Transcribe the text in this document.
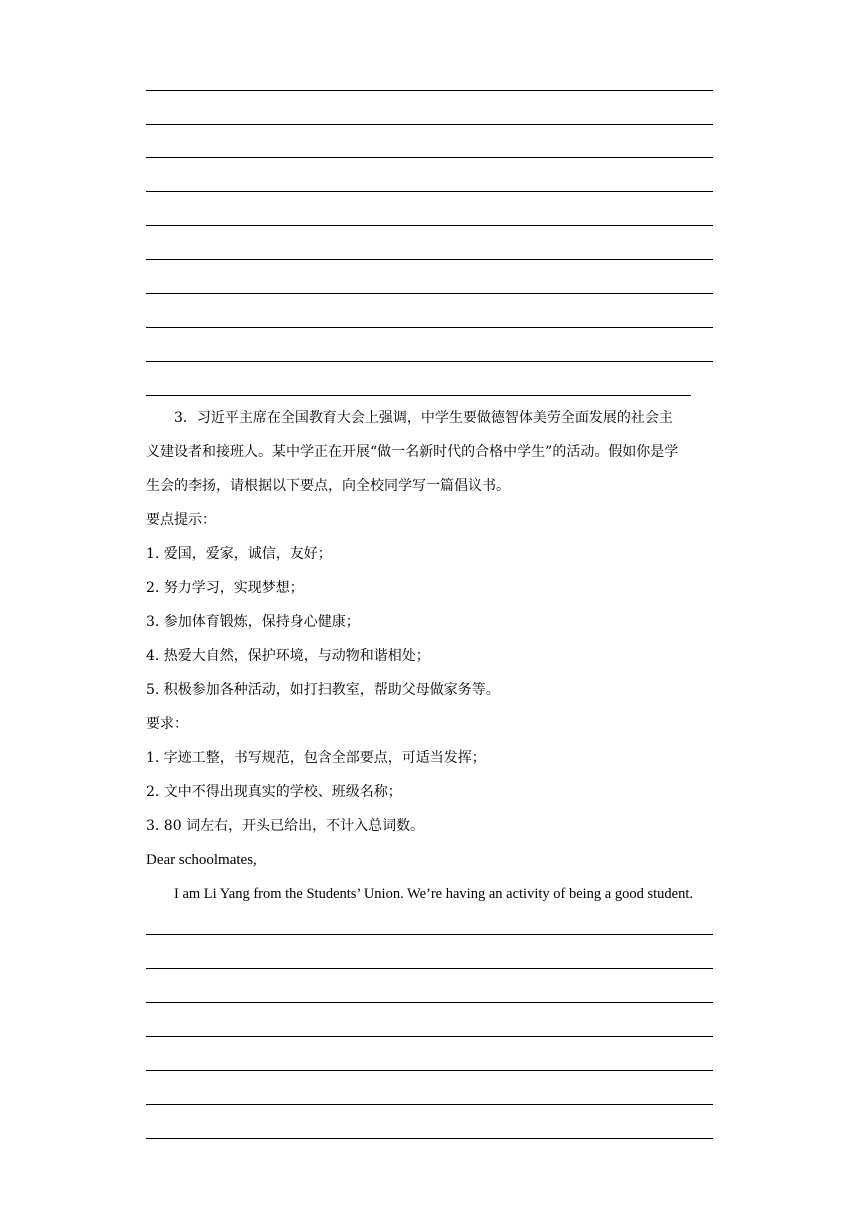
3．习近平主席在全国教育大会上强调，中学生要做德智体美劳全面发展的社会主
义建设者和接班人。某中学正在开展“做一名新时代的合格中学生”的活动。假如你是学
生会的李扬，请根据以下要点，向全校同学写一篇倡议书。
要点提示：
1. 爱国，爱家，诚信，友好；
2. 努力学习，实现梦想；
3. 参加体育锻炼，保持身心健康；
4. 热爱大自然，保护环境，与动物和谐相处；
5. 积极参加各种活动，如打扫教室，帮助父母做家务等。
要求：
1. 字迹工整，书写规范，包含全部要点，可适当发挥；
2. 文中不得出现真实的学校、班级名称；
3. 80 词左右，开头已给出，不计入总词数。
Dear schoolmates,
I am Li Yang from the Students’ Union. We’re having an activity of being a good student.
